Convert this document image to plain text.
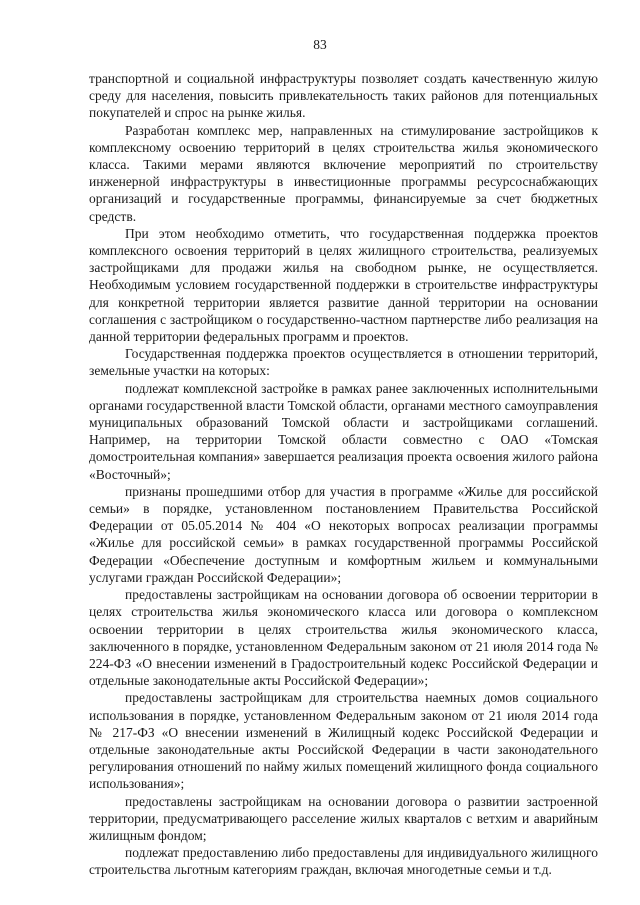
83

транспортной и социальной инфраструктуры позволяет создать качественную жилую среду для населения, повысить привлекательность таких районов для потенциальных покупателей и спрос на рынке жилья.

Разработан комплекс мер, направленных на стимулирование застройщиков к комплексному освоению территорий в целях строительства жилья экономического класса. Такими мерами являются включение мероприятий по строительству инженерной инфраструктуры в инвестиционные программы ресурсоснабжающих организаций и государственные программы, финансируемые за счет бюджетных средств.

При этом необходимо отметить, что государственная поддержка проектов комплексного освоения территорий в целях жилищного строительства, реализуемых застройщиками для продажи жилья на свободном рынке, не осуществляется. Необходимым условием государственной поддержки в строительстве инфраструктуры для конкретной территории является развитие данной территории на основании соглашения с застройщиком о государственно-частном партнерстве либо реализация на данной территории федеральных программ и проектов.

Государственная поддержка проектов осуществляется в отношении территорий, земельные участки на которых:

подлежат комплексной застройке в рамках ранее заключенных исполнительными органами государственной власти Томской области, органами местного самоуправления муниципальных образований Томской области и застройщиками соглашений. Например, на территории Томской области совместно с ОАО «Томская домостроительная компания» завершается реализация проекта освоения жилого района «Восточный»;

признаны прошедшими отбор для участия в программе «Жилье для российской семьи» в порядке, установленном постановлением Правительства Российской Федерации от 05.05.2014 № 404 «О некоторых вопросах реализации программы «Жилье для российской семьи» в рамках государственной программы Российской Федерации «Обеспечение доступным и комфортным жильем и коммунальными услугами граждан Российской Федерации»;

предоставлены застройщикам на основании договора об освоении территории в целях строительства жилья экономического класса или договора о комплексном освоении территории в целях строительства жилья экономического класса, заключенного в порядке, установленном Федеральным законом от 21 июля 2014 года № 224-ФЗ «О внесении изменений в Градостроительный кодекс Российской Федерации и отдельные законодательные акты Российской Федерации»;

предоставлены застройщикам для строительства наемных домов социального использования в порядке, установленном Федеральным законом от 21 июля 2014 года № 217-ФЗ «О внесении изменений в Жилищный кодекс Российской Федерации и отдельные законодательные акты Российской Федерации в части законодательного регулирования отношений по найму жилых помещений жилищного фонда социального использования»;

предоставлены застройщикам на основании договора о развитии застроенной территории, предусматривающего расселение жилых кварталов с ветхим и аварийным жилищным фондом;

подлежат предоставлению либо предоставлены для индивидуального жилищного строительства льготным категориям граждан, включая многодетные семьи и т.д.
